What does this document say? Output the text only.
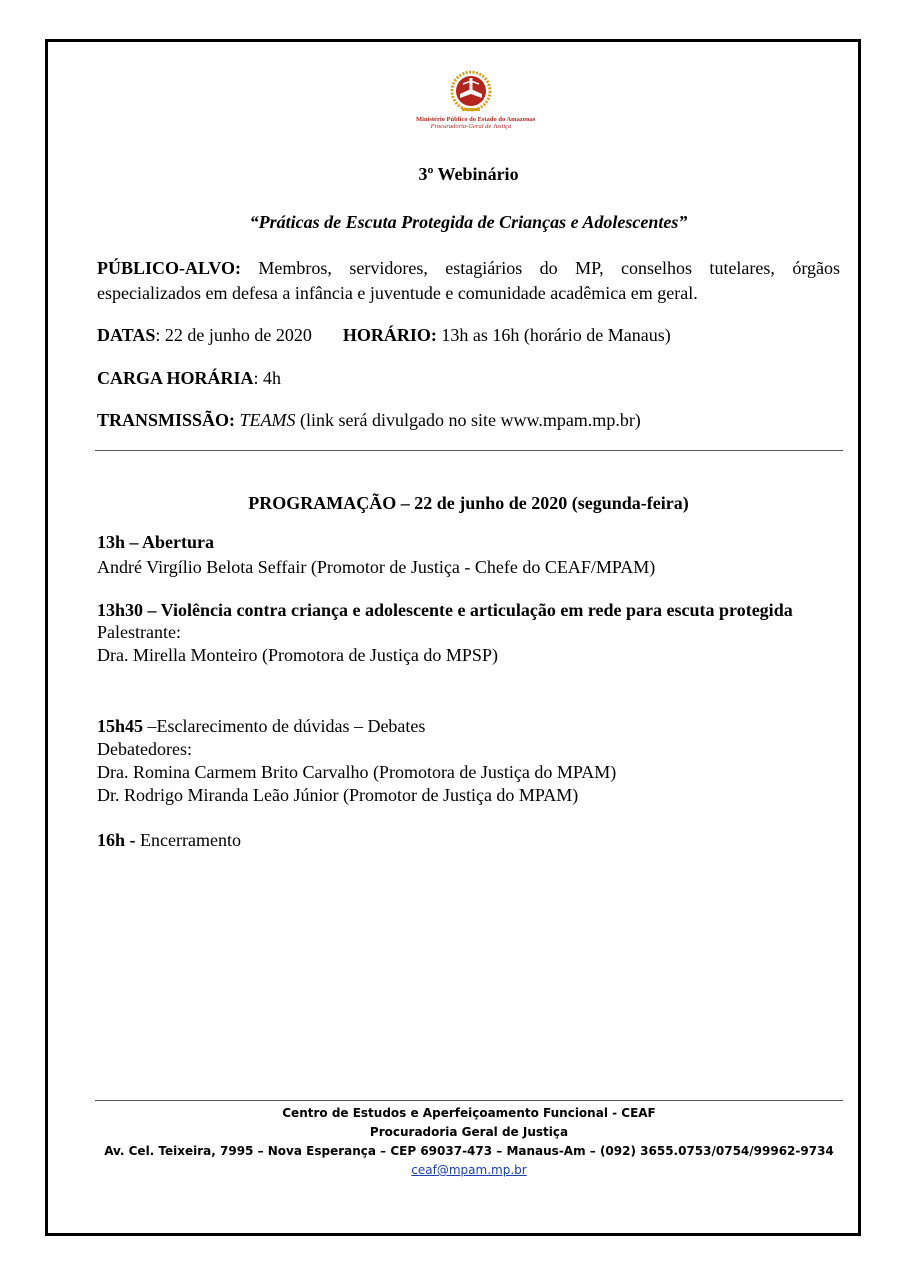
Ministério Público do Estado do Amazonas
Procuradoria-Geral de Justiça

3º Webinário

“Práticas de Escuta Protegida de Crianças e Adolescentes”

PÚBLICO-ALVO: Membros, servidores, estagiários do MP, conselhos tutelares, órgãos especializados em defesa a infância e juventude e comunidade acadêmica em geral.
DATAS: 22 de junho de 2020 HORÁRIO: 13h as 16h (horário de Manaus)
CARGA HORÁRIA: 4h
TRANSMISSÃO: TEAMS (link será divulgado no site www.mpam.mp.br)
PROGRAMAÇÃO – 22 de junho de 2020 (segunda-feira)

13h – Abertura

André Virgílio Belota Seffair (Promotor de Justiça - Chefe do CEAF/MPAM)

13h30 – Violência contra criança e adolescente e articulação em rede para escuta protegida

Palestrante:

Dra. Mirella Monteiro (Promotora de Justiça do MPSP)

15h45 –Esclarecimento de dúvidas – Debates

Debatedores:

Dra. Romina Carmem Brito Carvalho (Promotora de Justiça do MPAM)

Dr. Rodrigo Miranda Leão Júnior (Promotor de Justiça do MPAM)

16h - Encerramento
Centro de Estudos e Aperfeiçoamento Funcional - CEAF
Procuradoria Geral de Justiça
Av. Cel. Teixeira, 7995 – Nova Esperança – CEP 69037-473 – Manaus-Am – (092) 3655.0753/0754/99962-9734
ceaf@mpam.mp.br
